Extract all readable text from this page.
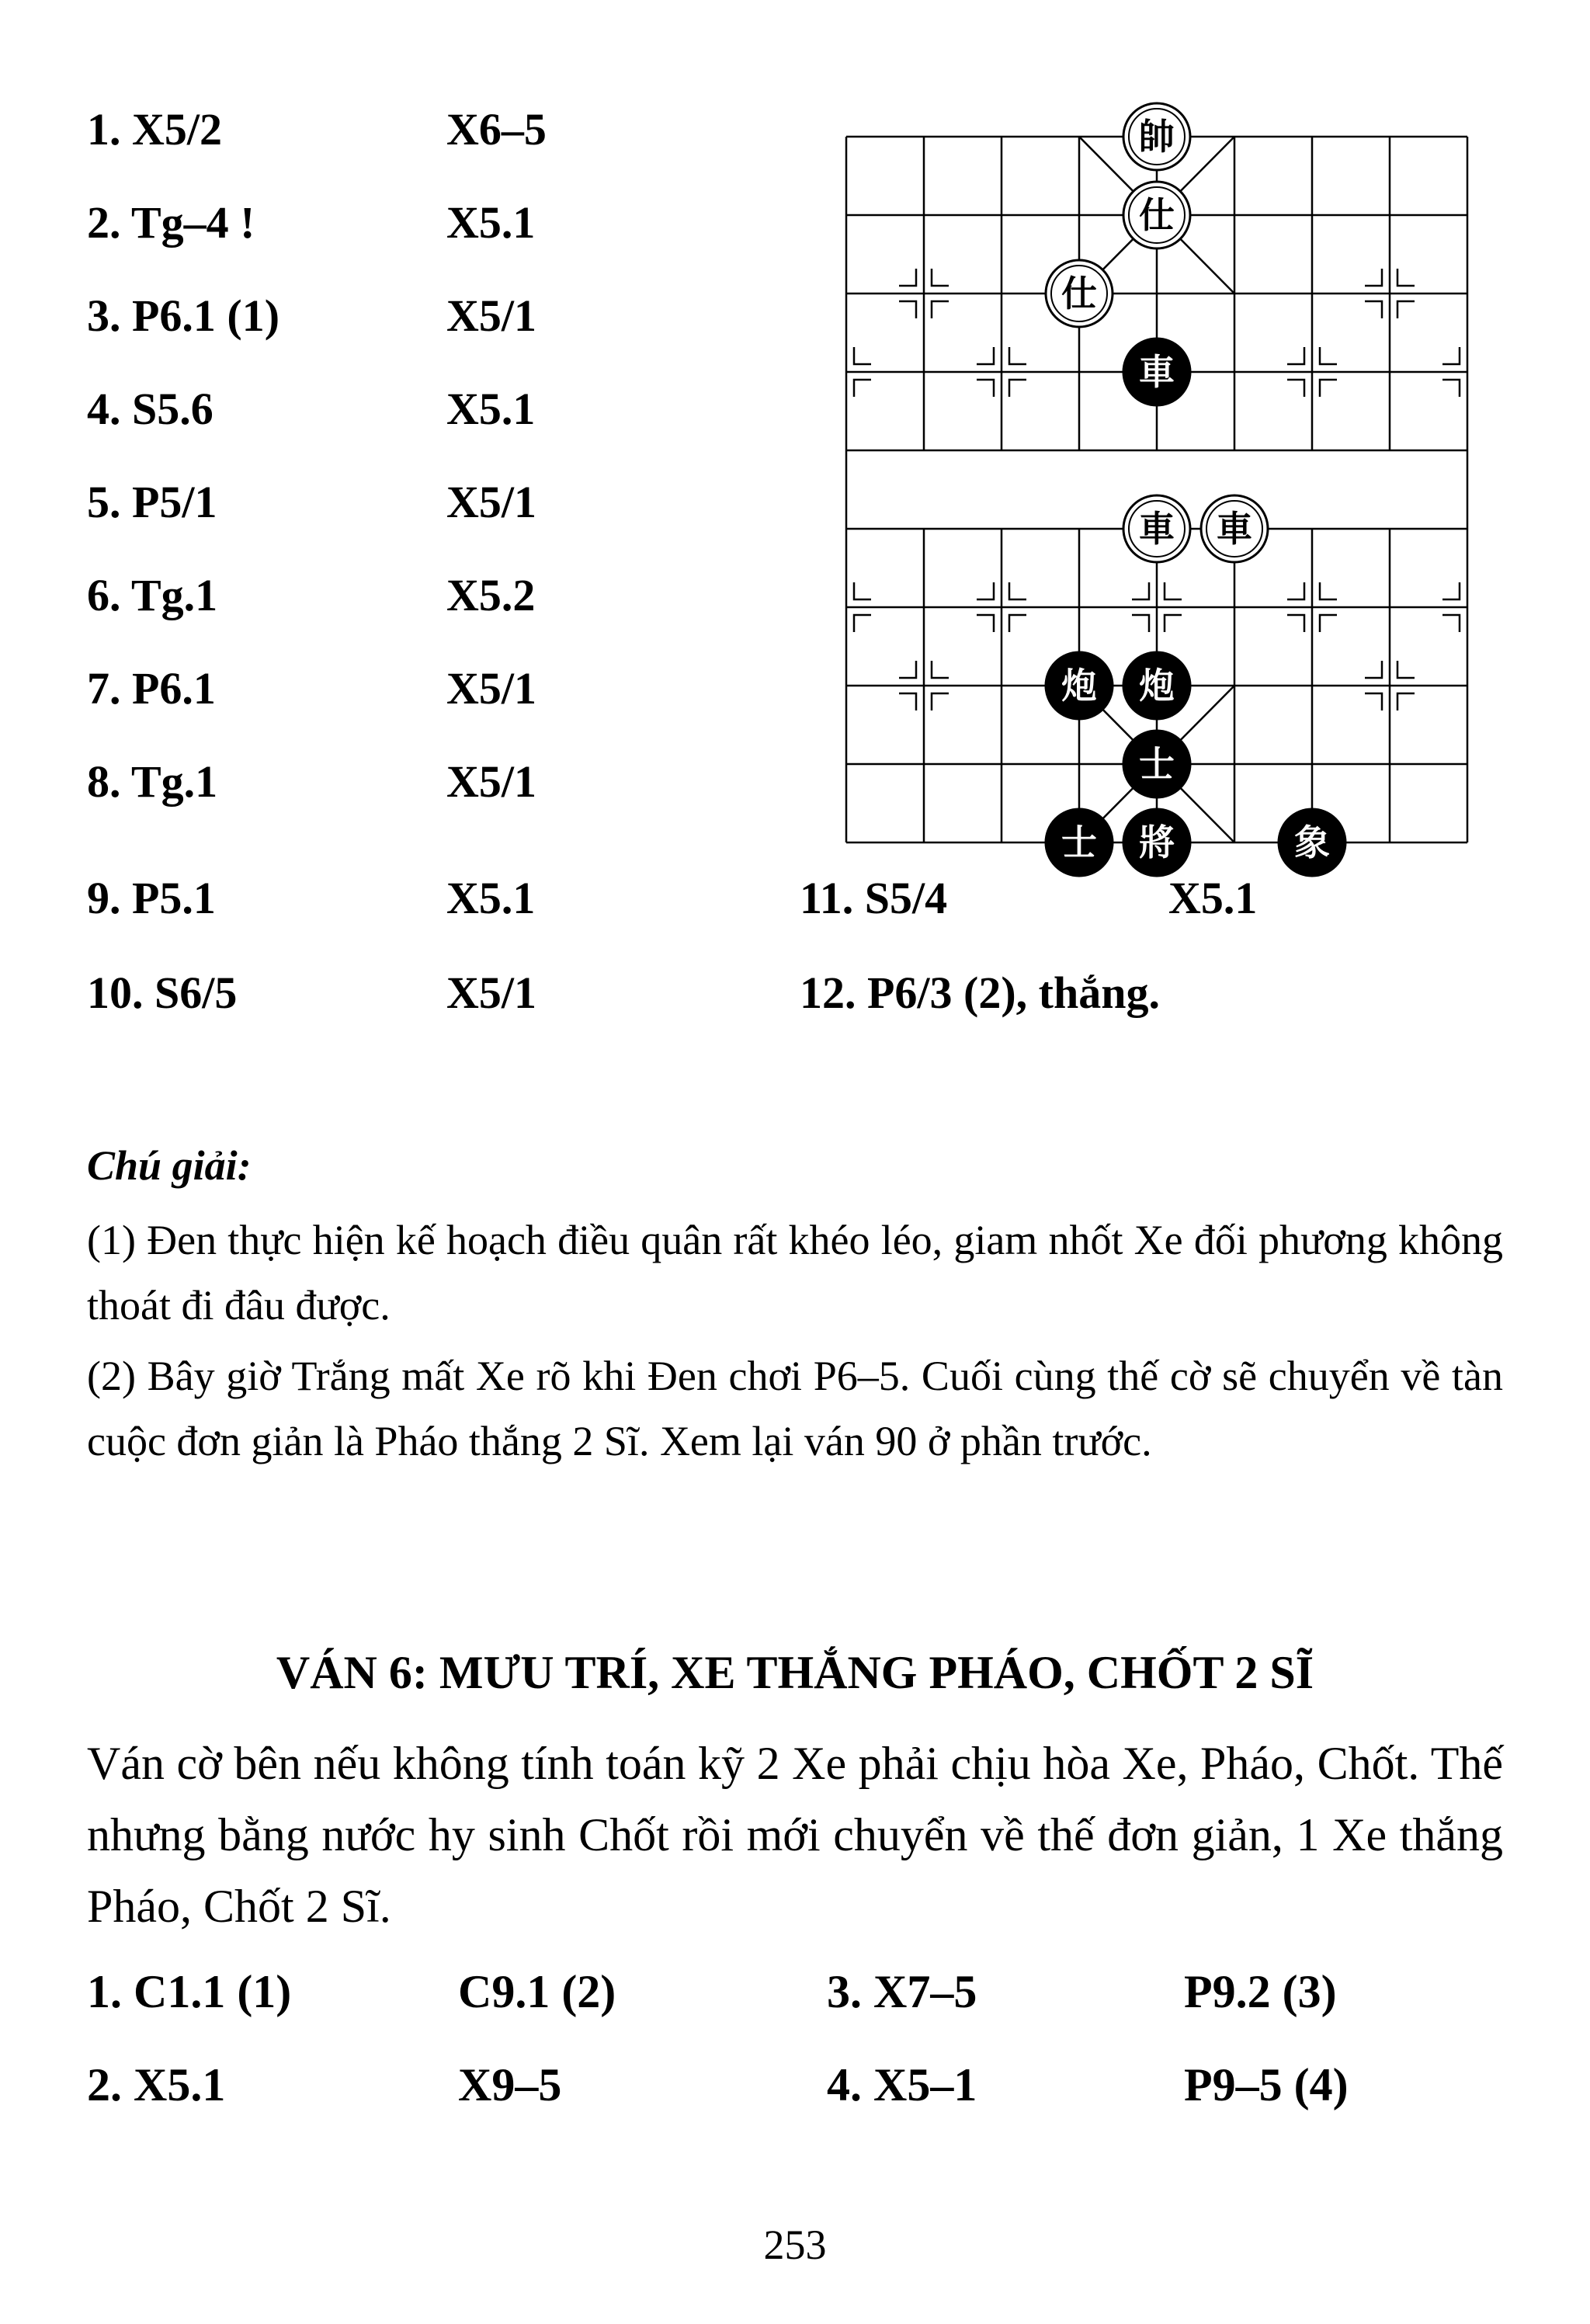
1. X5/2	X6–5
2. Tg–4 !	X5.1
3. P6.1 (1)	X5/1
4. S5.6	X5.1
5. P5/1	X5/1
6. Tg.1	X5.2
7. P6.1	X5/1
8. Tg.1	X5/1
帥
仕
仕
車
車 車
炮 炮
士
士 將	象
9. P5.1	X5.1	11. S5/4	X5.1
10. S6/5	X5/1	12. P6/3 (2), thắng.
Chú giải:
(1) Đen thực hiện kế hoạch điều quân rất khéo léo, giam nhốt Xe đối phương không thoát đi đâu được.
(2) Bây giờ Trắng mất Xe rõ khi Đen chơi P6–5. Cuối cùng thế cờ sẽ chuyển về tàn cuộc đơn giản là Pháo thắng 2 Sĩ. Xem lại ván 90 ở phần trước.
VÁN 6: MƯU TRÍ, XE THẮNG PHÁO, CHỐT 2 SĨ
Ván cờ bên nếu không tính toán kỹ 2 Xe phải chịu hòa Xe, Pháo, Chốt. Thế nhưng bằng nước hy sinh Chốt rồi mới chuyển về thế đơn giản, 1 Xe thắng Pháo, Chốt 2 Sĩ.
1. C1.1 (1)	C9.1 (2)	3. X7–5	P9.2 (3)
2. X5.1	X9–5	4. X5–1	P9–5 (4)
253
